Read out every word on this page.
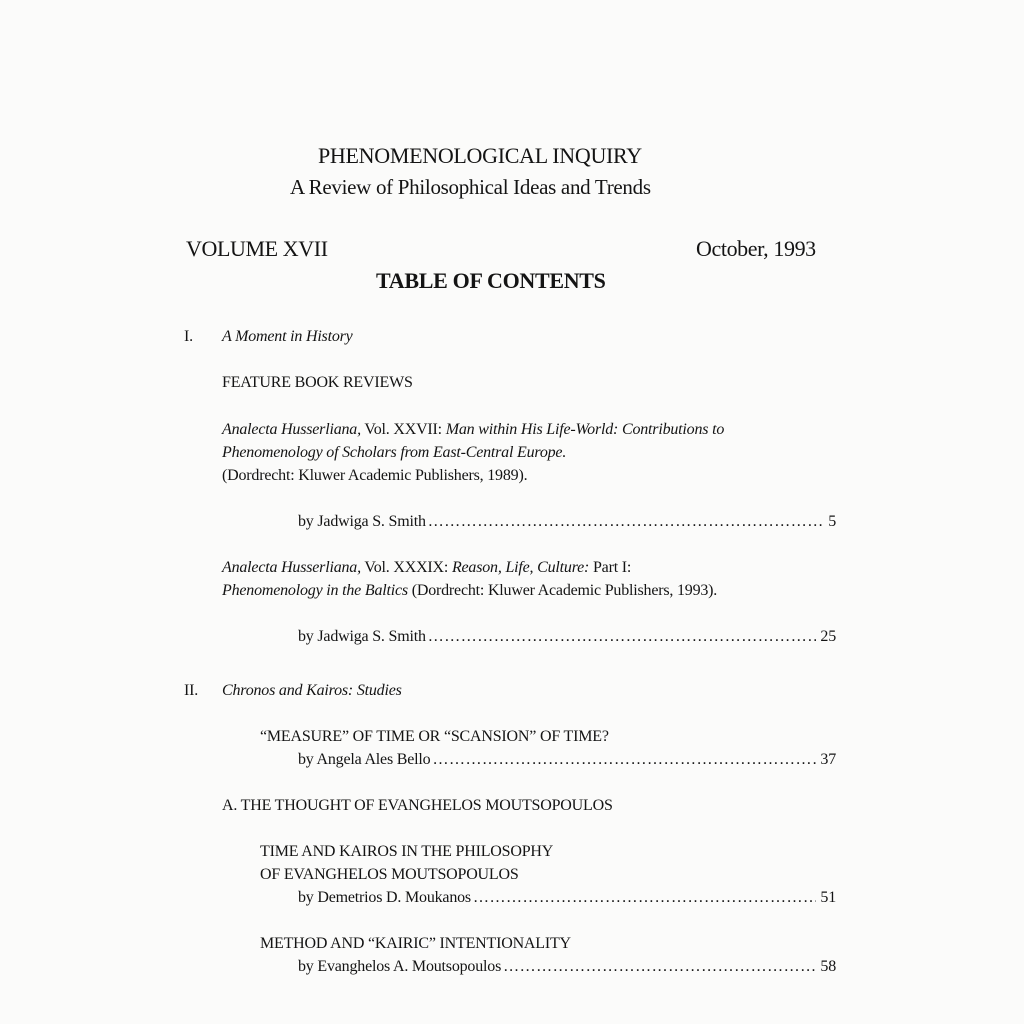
PHENOMENOLOGICAL INQUIRY
A Review of Philosophical Ideas and Trends
VOLUME XVII	October, 1993
TABLE OF CONTENTS
I. A Moment in History
FEATURE BOOK REVIEWS
Analecta Husserliana, Vol. XXVII: Man within His Life-World: Contributions to
Phenomenology of Scholars from East-Central Europe.
(Dordrecht: Kluwer Academic Publishers, 1989).
by Jadwiga S. Smith …………………………………………………………………………………………………………………………………………	5
Analecta Husserliana, Vol. XXXIX: Reason, Life, Culture: Part I:
Phenomenology in the Baltics (Dordrecht: Kluwer Academic Publishers, 1993).
by Jadwiga S. Smith …………………………………………………………………………………………………………………………………………	25
II. Chronos and Kairos: Studies
“MEASURE” OF TIME OR “SCANSION” OF TIME?
by Angela Ales Bello …………………………………………………………………………………………………………………………………………	37
A. THE THOUGHT OF EVANGHELOS MOUTSOPOULOS
TIME AND KAIROS IN THE PHILOSOPHY
OF EVANGHELOS MOUTSOPOULOS
by Demetrios D. Moukanos …………………………………………………………………………………………………………………………………………	51
METHOD AND “KAIRIC” INTENTIONALITY
by Evanghelos A. Moutsopoulos …………………………………………………………………………………………………………………………………………	58
